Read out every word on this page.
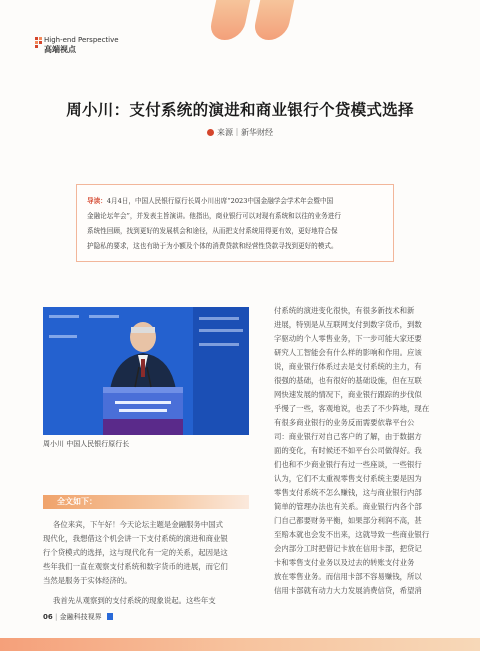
High-end Perspective
高端视点
周小川：支付系统的演进和商业银行个贷模式选择
来源｜新华财经
导读：4月4日，中国人民银行原行长周小川出席“2023中国金融学会学术年会暨中国
金融论坛年会”，并发表主旨演讲。他指出，商业银行可以对现有系统和以往的业务进行
系统性回顾，找到更好的发展机会和途径，从而把支付系统用得更有效，更好地符合保
护隐私的要求，这也有助于为小额及个体的消费贷款和经营性贷款寻找到更好的模式。
周小川 中国人民银行原行长
全文如下：
各位来宾，下午好！今天论坛主题是金融服务中国式
现代化，我想借这个机会讲一下支付系统的演进和商业银
行个贷模式的选择，这与现代化有一定的关系，起因是这
些年我们一直在观察支付系统和数字货币的进展，而它们
当然是服务于实体经济的。
我首先从观察到的支付系统的现象说起。这些年支
付系统的演进变化很快，有很多新技术和新
进展，特别是从互联网支付到数字货币，到数
字驱动的个人零售业务，下一步可能大家还要
研究人工智能会有什么样的影响和作用。应该
说，商业银行体系过去是支付系统的主力，有
很强的基础，也有很好的基础设施，但在互联
网快速发展的情况下，商业银行跟踪的步伐似
乎慢了一些，客观地说，也丢了不少阵地，现在
有很多商业银行的业务反而需要依靠平台公
司：商业银行对自己客户的了解，由于数据方
面的变化，有时候还不如平台公司做得好。我
们也和不少商业银行有过一些座谈，一些银行
认为，它们不太重视零售支付系统主要是因为
零售支付系统不怎么赚钱，这与商业银行内部
简单的管理办法也有关系。商业银行内各个部
门自己都要财务平衡，如果部分利润不高，甚
至赔本就也会发不出来，这就导致一些商业银行
会内部分工时把借记卡放在信用卡部，把贷记
卡和零售支付业务以及过去的转账支付业务
放在零售业务。而信用卡部不容易赚钱，所以
信用卡部就有动力大力发展消费信贷，希望消
06 | 金融科技视界
